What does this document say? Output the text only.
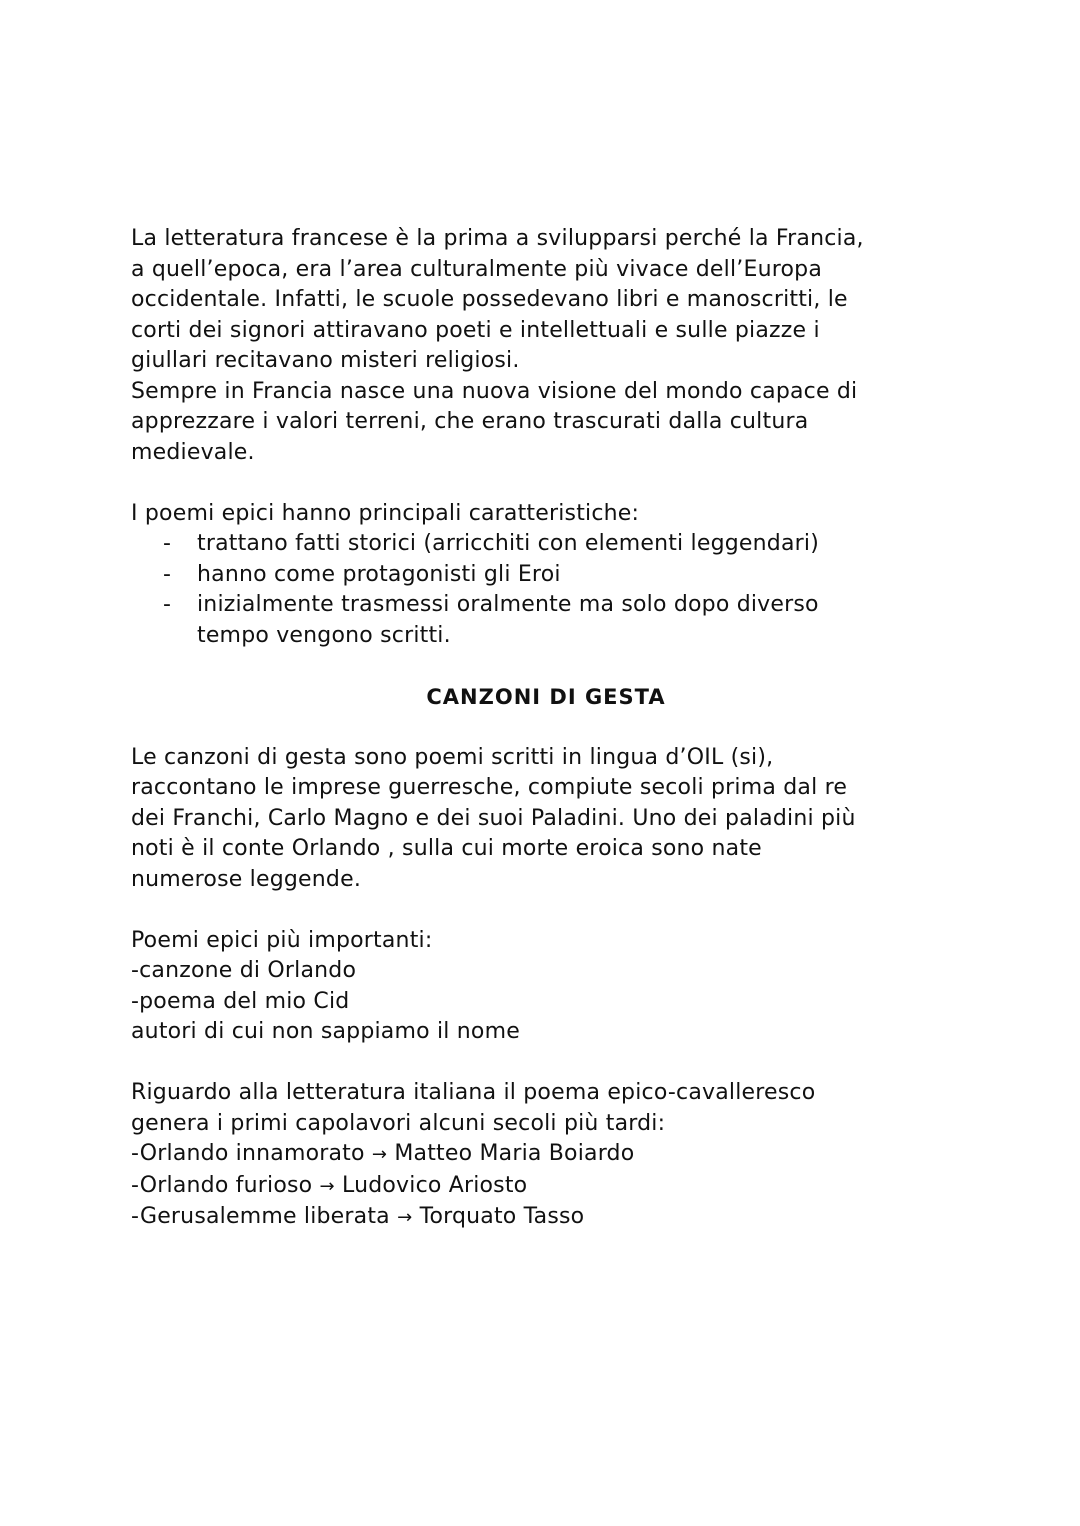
La letteratura francese è la prima a svilupparsi perché la Francia,
a quell’epoca, era l’area culturalmente più vivace dell’Europa
occidentale. Infatti, le scuole possedevano libri e manoscritti, le
corti dei signori attiravano poeti e intellettuali e sulle piazze i
giullari recitavano misteri religiosi.
Sempre in Francia nasce una nuova visione del mondo capace di
apprezzare i valori terreni, che erano trascurati dalla cultura
medievale.

I poemi epici hanno principali caratteristiche:

- trattano fatti storici (arricchiti con elementi leggendari)
- hanno come protagonisti gli Eroi
- inizialmente trasmessi oralmente ma solo dopo diverso
tempo vengono scritti.
CANZONI DI GESTA

Le canzoni di gesta sono poemi scritti in lingua d’OIL (si),
raccontano le imprese guerresche, compiute secoli prima dal re
dei Franchi, Carlo Magno e dei suoi Paladini. Uno dei paladini più
noti è il conte Orlando , sulla cui morte eroica sono nate
numerose leggende.

Poemi epici più importanti:
-canzone di Orlando
-poema del mio Cid
autori di cui non sappiamo il nome

Riguardo alla letteratura italiana il poema epico-cavalleresco
genera i primi capolavori alcuni secoli più tardi:
-Orlando innamorato → Matteo Maria Boiardo
-Orlando furioso → Ludovico Ariosto
-Gerusalemme liberata → Torquato Tasso
